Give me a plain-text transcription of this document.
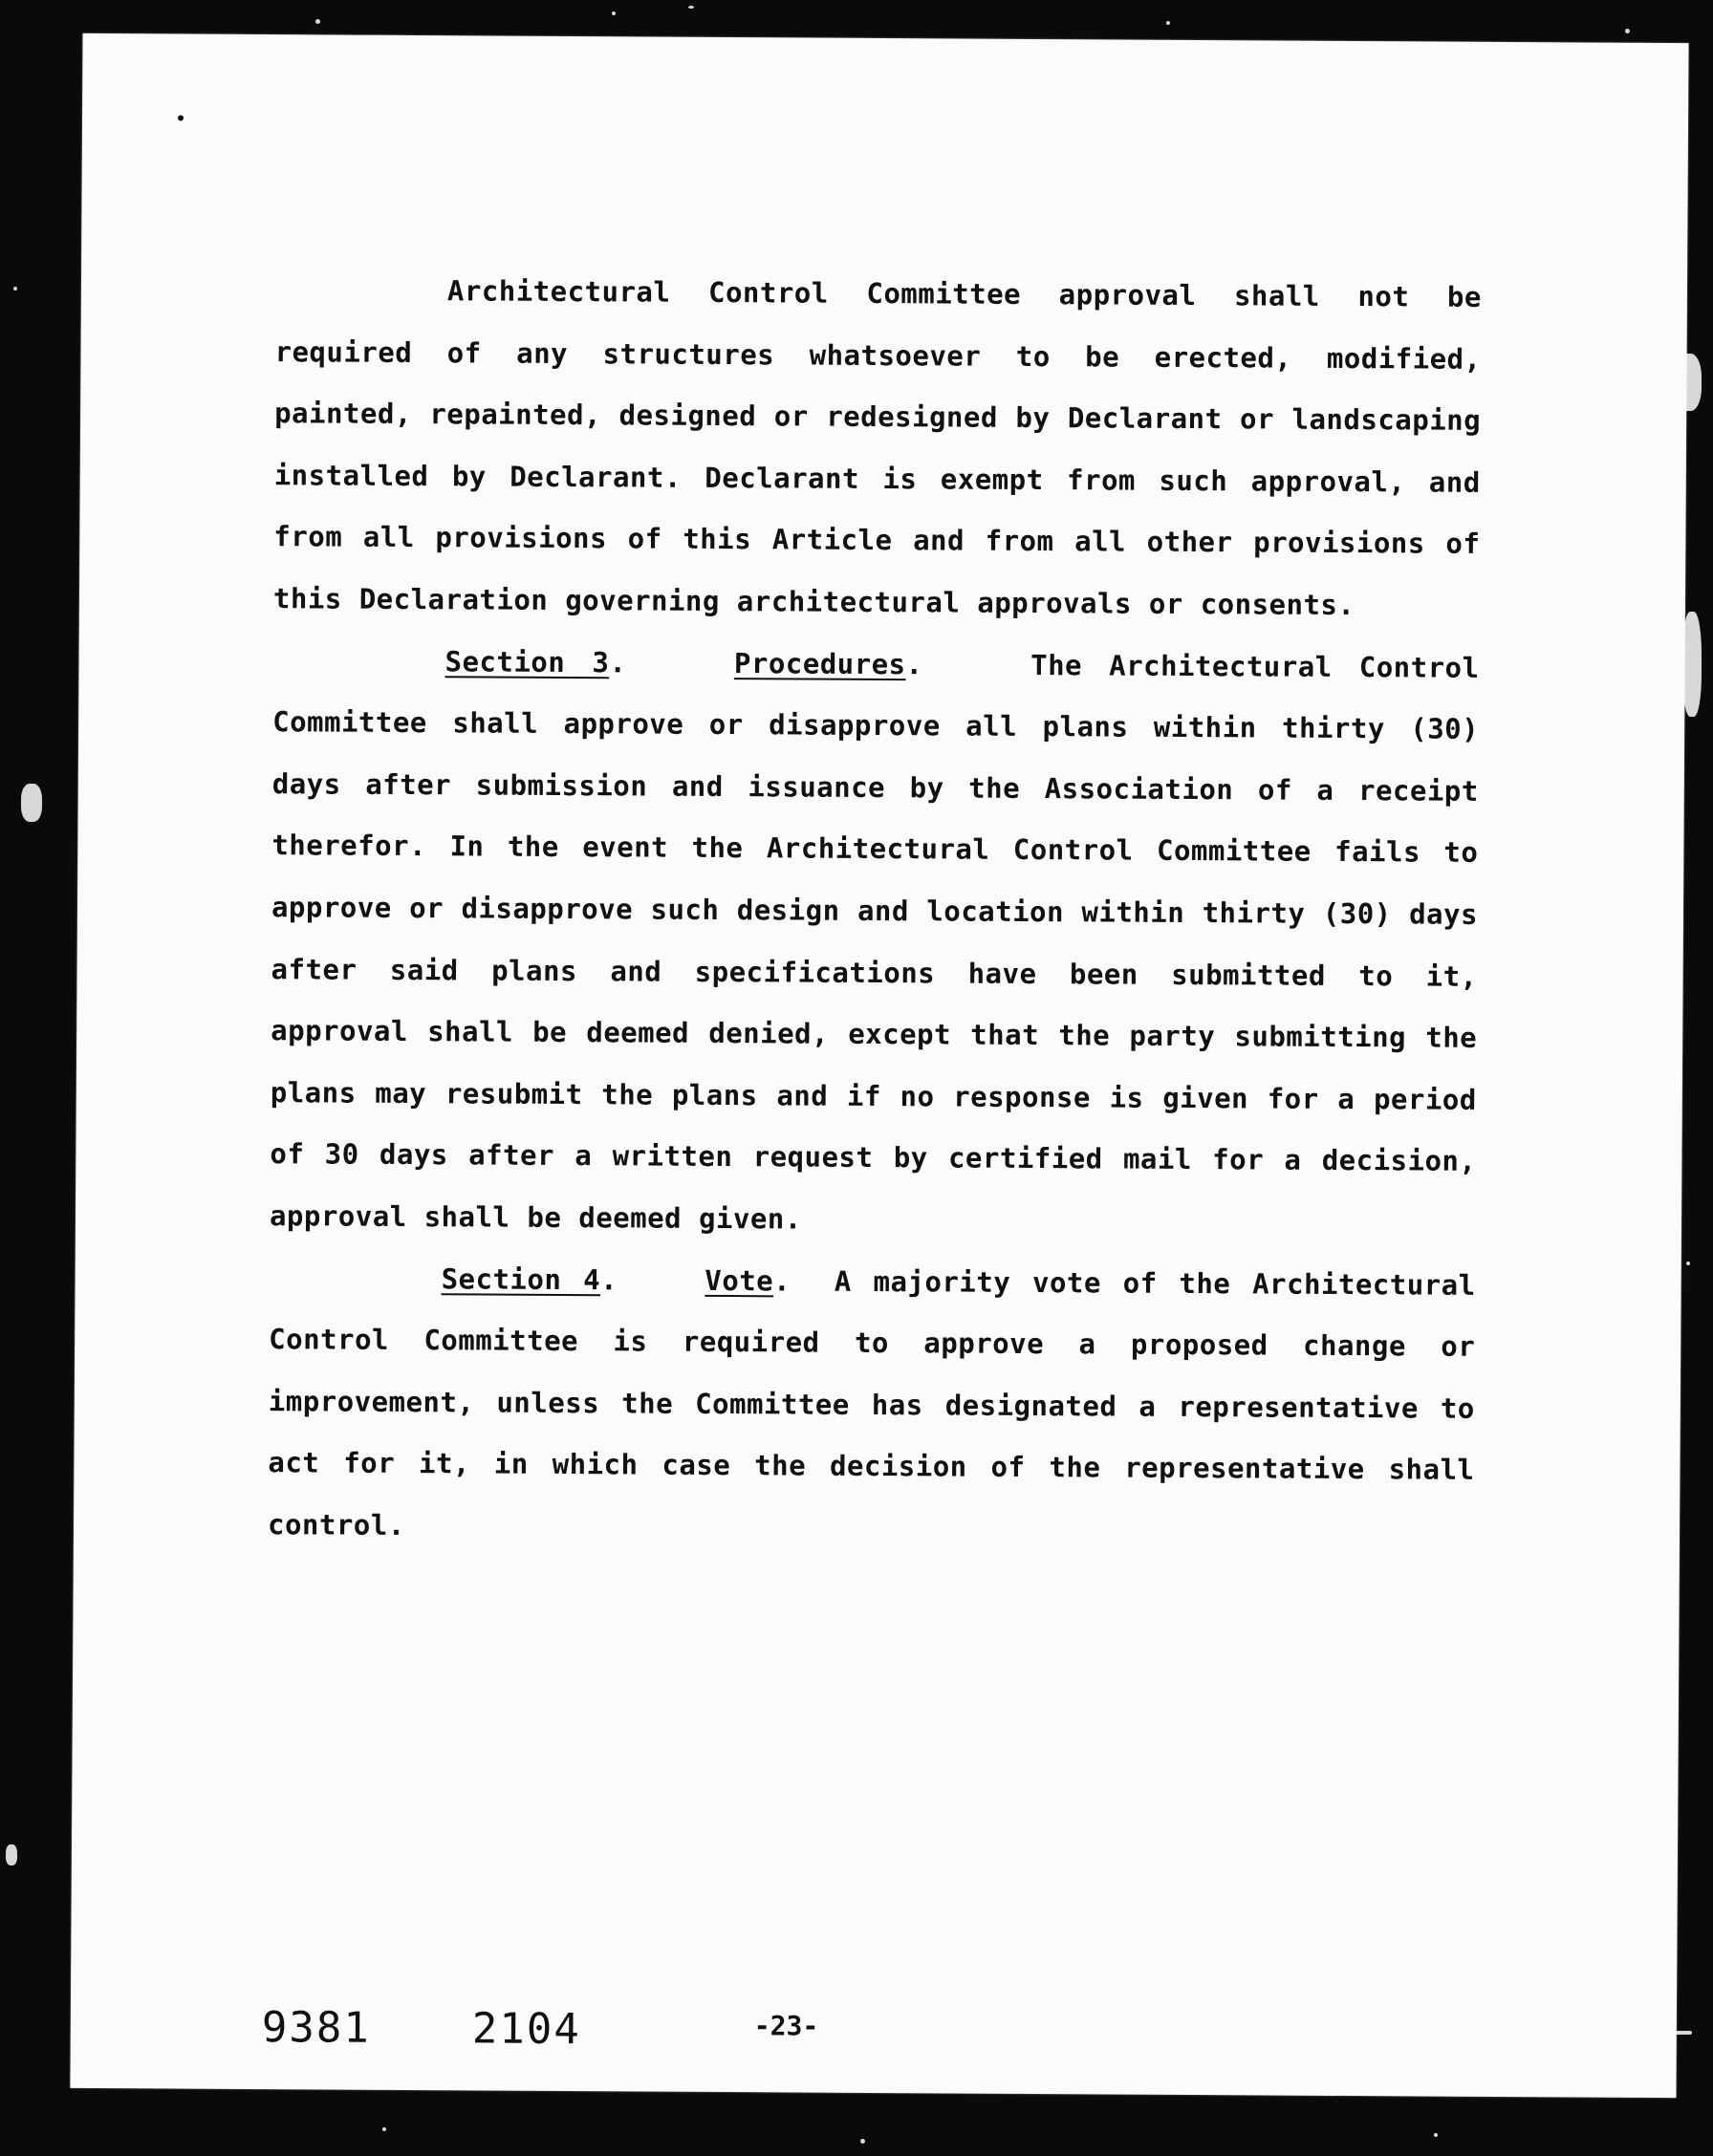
Architectural Control Committee approval shall not be required of any structures whatsoever to be erected, modified, painted, repainted, designed or redesigned by Declarant or landscaping installed by Declarant. Declarant is exempt from such approval, and from all provisions of this Article and from all other provisions of this Declaration governing architectural approvals or consents.

Section 3.    Procedures.    The Architectural Control Committee shall approve or disapprove all plans within thirty (30) days after submission and issuance by the Association of a receipt therefor. In the event the Architectural Control Committee fails to approve or disapprove such design and location within thirty (30) days after said plans and specifications have been submitted to it, approval shall be deemed denied, except that the party submitting the plans may resubmit the plans and if no response is given for a period of 30 days after a written request by certified mail for a decision, approval shall be deemed given.

Section 4.    Vote.  A majority vote of the Architectural Control Committee is required to approve a proposed change or improvement, unless the Committee has designated a representative to act for it, in which case the decision of the representative shall control.

9381 2104	-23-
